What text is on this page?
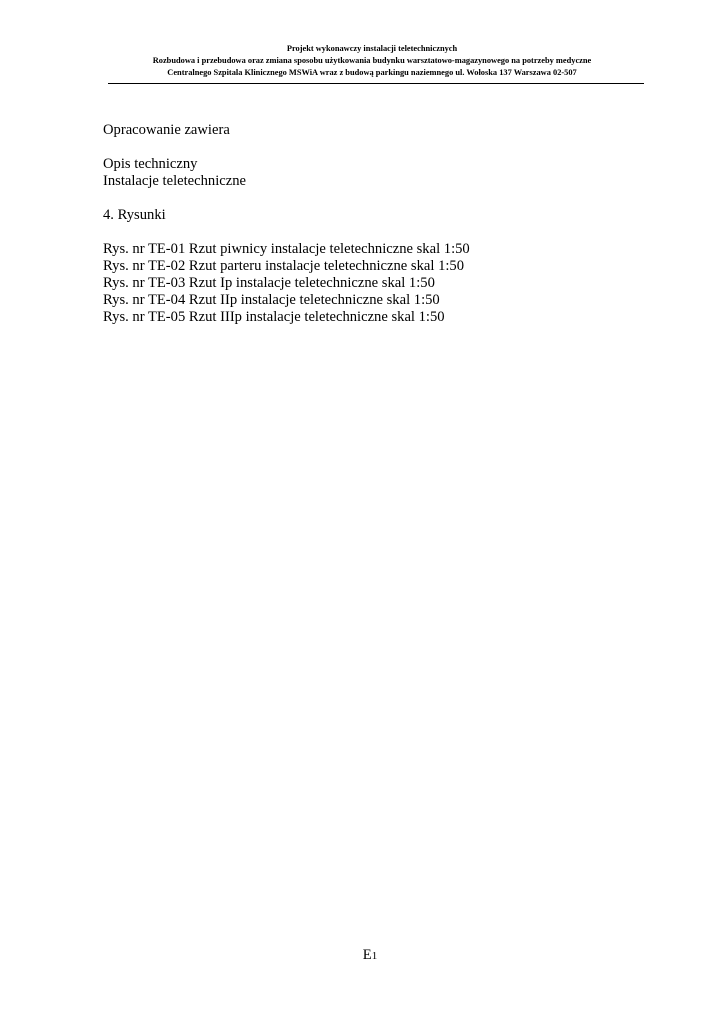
Projekt wykonawczy instalacji teletechnicznych
Rozbudowa i przebudowa oraz zmiana sposobu użytkowania budynku warsztatowo-magazynowego na potrzeby medyczne
Centralnego Szpitala Klinicznego MSWiA wraz z budową parkingu naziemnego ul. Wołoska 137 Warszawa 02-507
Opracowanie zawiera
Opis techniczny
Instalacje teletechniczne
4. Rysunki
Rys. nr TE-01 Rzut piwnicy instalacje teletechniczne skal 1:50
Rys. nr TE-02 Rzut parteru instalacje teletechniczne skal 1:50
Rys. nr TE-03 Rzut Ip instalacje teletechniczne skal 1:50
Rys. nr TE-04 Rzut IIp instalacje teletechniczne skal 1:50
Rys. nr TE-05 Rzut IIIp instalacje teletechniczne skal 1:50
E1
